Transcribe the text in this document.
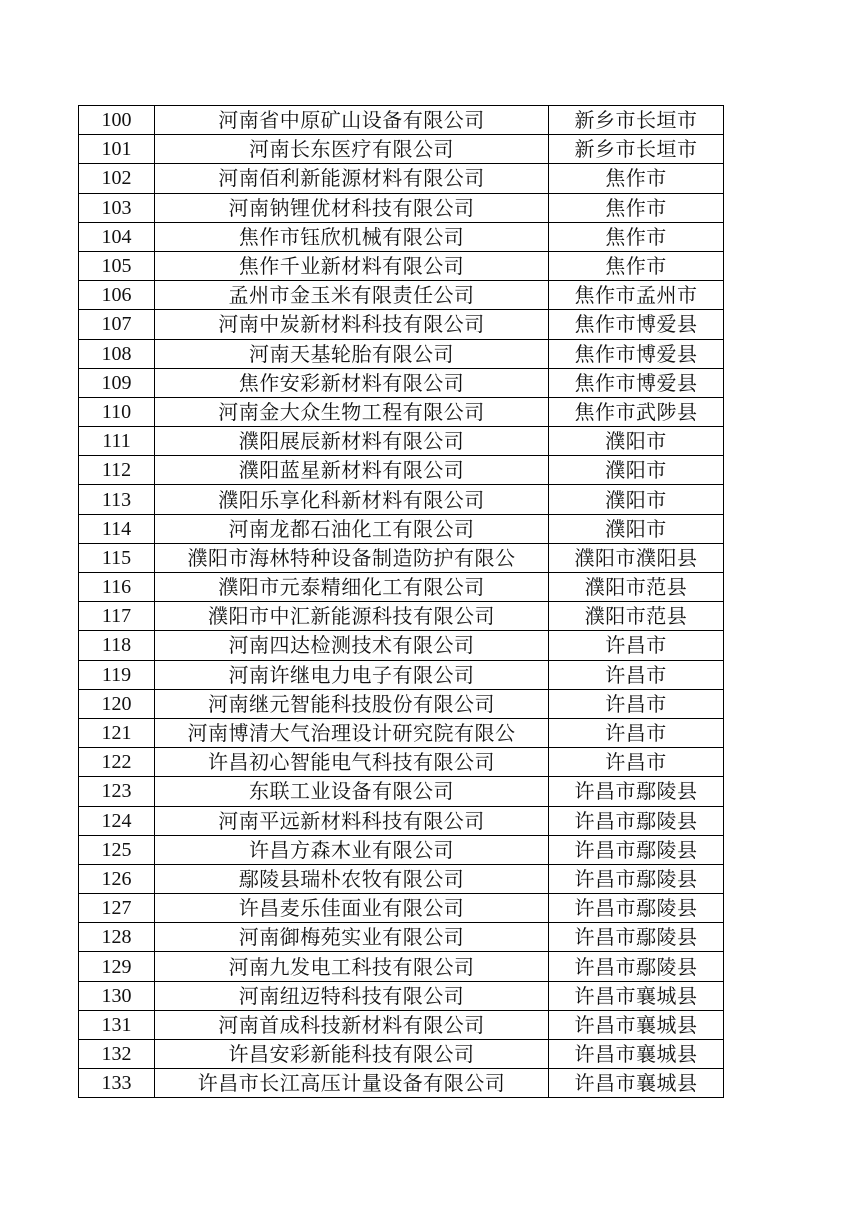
100	河南省中原矿山设备有限公司	新乡市长垣市
101	河南长东医疗有限公司	新乡市长垣市
102	河南佰利新能源材料有限公司	焦作市
103	河南钠锂优材科技有限公司	焦作市
104	焦作市钰欣机械有限公司	焦作市
105	焦作千业新材料有限公司	焦作市
106	孟州市金玉米有限责任公司	焦作市孟州市
107	河南中炭新材料科技有限公司	焦作市博爱县
108	河南天基轮胎有限公司	焦作市博爱县
109	焦作安彩新材料有限公司	焦作市博爱县
110	河南金大众生物工程有限公司	焦作市武陟县
111	濮阳展辰新材料有限公司	濮阳市
112	濮阳蓝星新材料有限公司	濮阳市
113	濮阳乐享化科新材料有限公司	濮阳市
114	河南龙都石油化工有限公司	濮阳市
115	濮阳市海林特种设备制造防护有限公	濮阳市濮阳县
116	濮阳市元泰精细化工有限公司	濮阳市范县
117	濮阳市中汇新能源科技有限公司	濮阳市范县
118	河南四达检测技术有限公司	许昌市
119	河南许继电力电子有限公司	许昌市
120	河南继元智能科技股份有限公司	许昌市
121	河南博清大气治理设计研究院有限公	许昌市
122	许昌初心智能电气科技有限公司	许昌市
123	东联工业设备有限公司	许昌市鄢陵县
124	河南平远新材料科技有限公司	许昌市鄢陵县
125	许昌方森木业有限公司	许昌市鄢陵县
126	鄢陵县瑞朴农牧有限公司	许昌市鄢陵县
127	许昌麦乐佳面业有限公司	许昌市鄢陵县
128	河南御梅苑实业有限公司	许昌市鄢陵县
129	河南九发电工科技有限公司	许昌市鄢陵县
130	河南纽迈特科技有限公司	许昌市襄城县
131	河南首成科技新材料有限公司	许昌市襄城县
132	许昌安彩新能科技有限公司	许昌市襄城县
133	许昌市长江高压计量设备有限公司	许昌市襄城县
